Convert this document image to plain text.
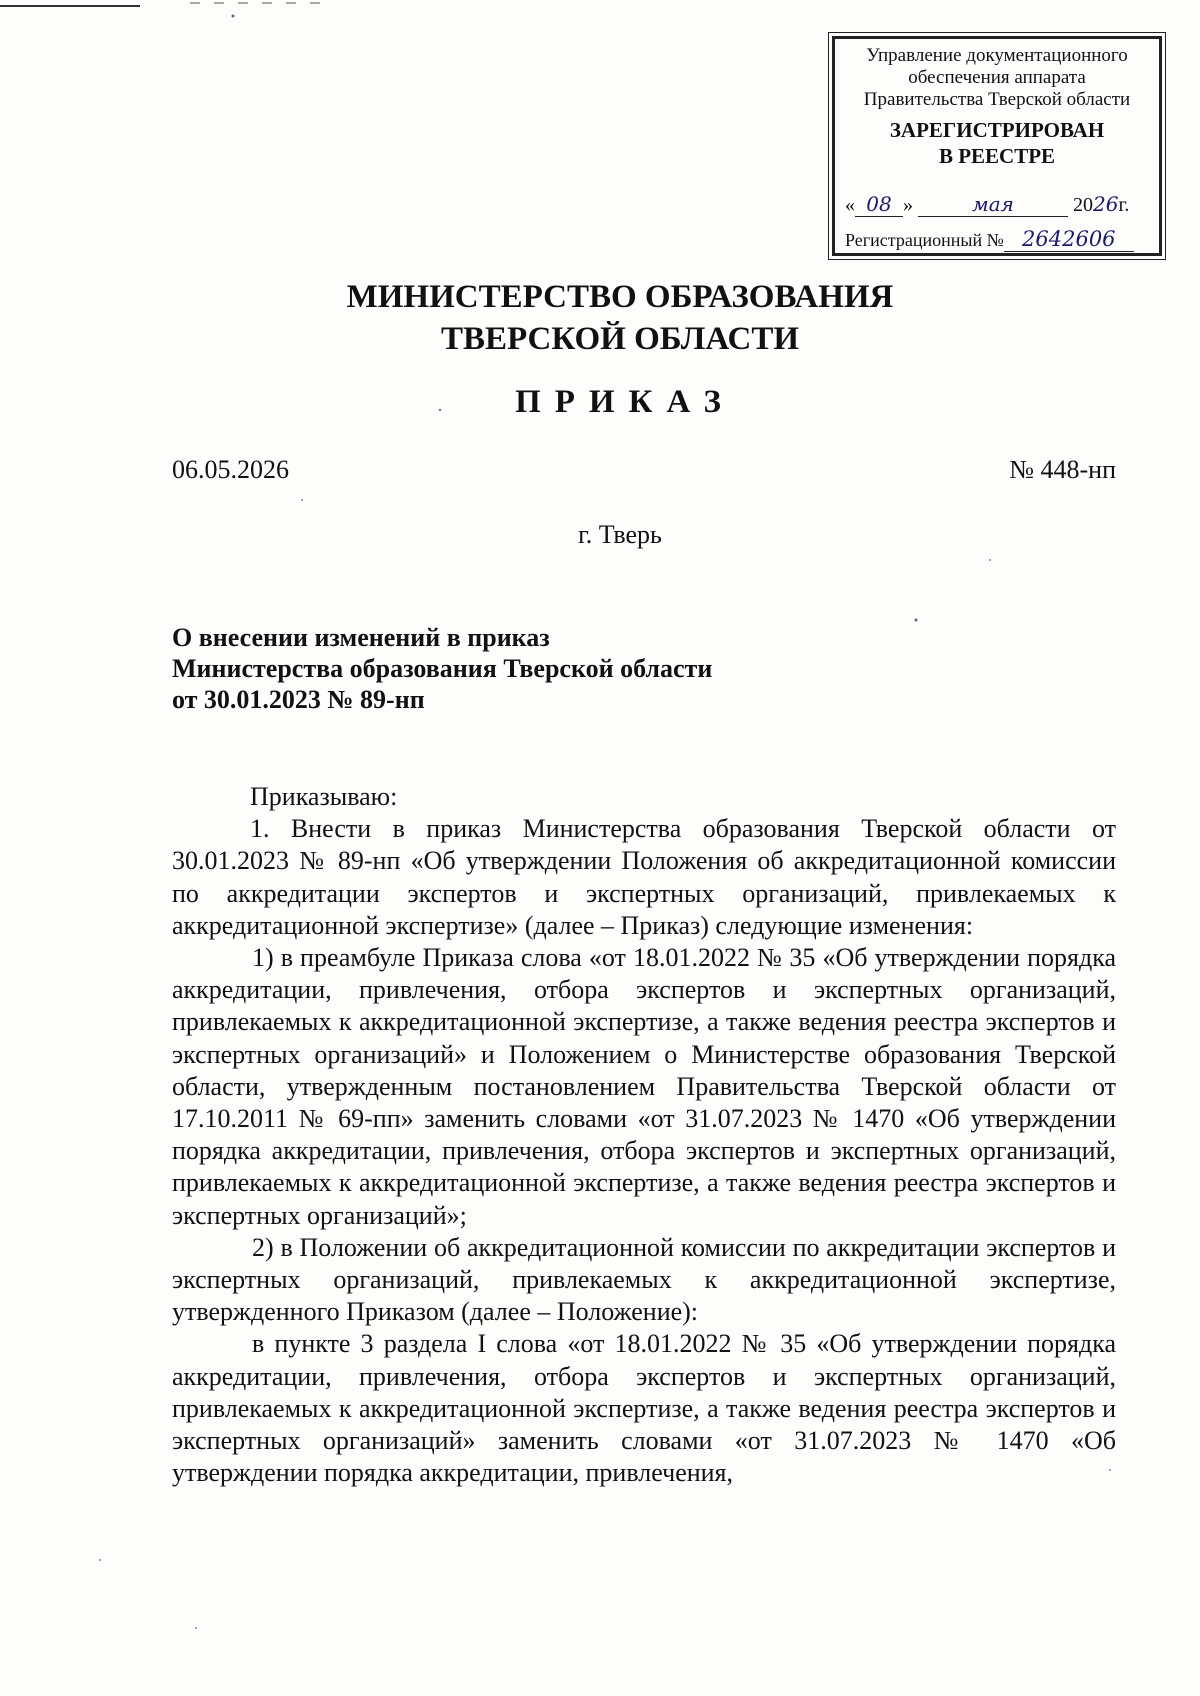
Управление документационного
обеспечения аппарата
Правительства Тверской области
ЗАРЕГИСТРИРОВАН
В РЕЕСТРЕ
« 08 »	мая	2026г.
Регистрационный № 2642606
МИНИСТЕРСТВО ОБРАЗОВАНИЯ
ТВЕРСКОЙ ОБЛАСТИ
ПРИКАЗ
06.05.2026	№ 448-нп
г. Тверь
О внесении изменений в приказ
Министерства образования Тверской области
от 30.01.2023 № 89-нп

Приказываю:

1. Внести в приказ Министерства образования Тверской области от 30.01.2023 № 89-нп «Об утверждении Положения об аккредитационной комиссии по аккредитации экспертов и экспертных организаций, привлекаемых к аккредитационной экспертизе» (далее – Приказ) следующие изменения:

1) в преамбуле Приказа слова «от 18.01.2022 № 35 «Об утверждении порядка аккредитации, привлечения, отбора экспертов и экспертных организаций, привлекаемых к аккредитационной экспертизе, а также ведения реестра экспертов и экспертных организаций» и Положением о Министерстве образования Тверской области, утвержденным постановлением Правительства Тверской области от 17.10.2011 № 69-пп» заменить словами «от 31.07.2023 № 1470 «Об утверждении порядка аккредитации, привлечения, отбора экспертов и экспертных организаций, привлекаемых к аккредитационной экспертизе, а также ведения реестра экспертов и экспертных организаций»;

2) в Положении об аккредитационной комиссии по аккредитации экспертов и экспертных организаций, привлекаемых к аккредитационной экспертизе, утвержденного Приказом (далее – Положение):

в пункте 3 раздела I слова «от 18.01.2022 № 35 «Об утверждении порядка аккредитации, привлечения, отбора экспертов и экспертных организаций, привлекаемых к аккредитационной экспертизе, а также ведения реестра экспертов и экспертных организаций» заменить словами «от 31.07.2023 № 1470 «Об утверждении порядка аккредитации, привлечения,
